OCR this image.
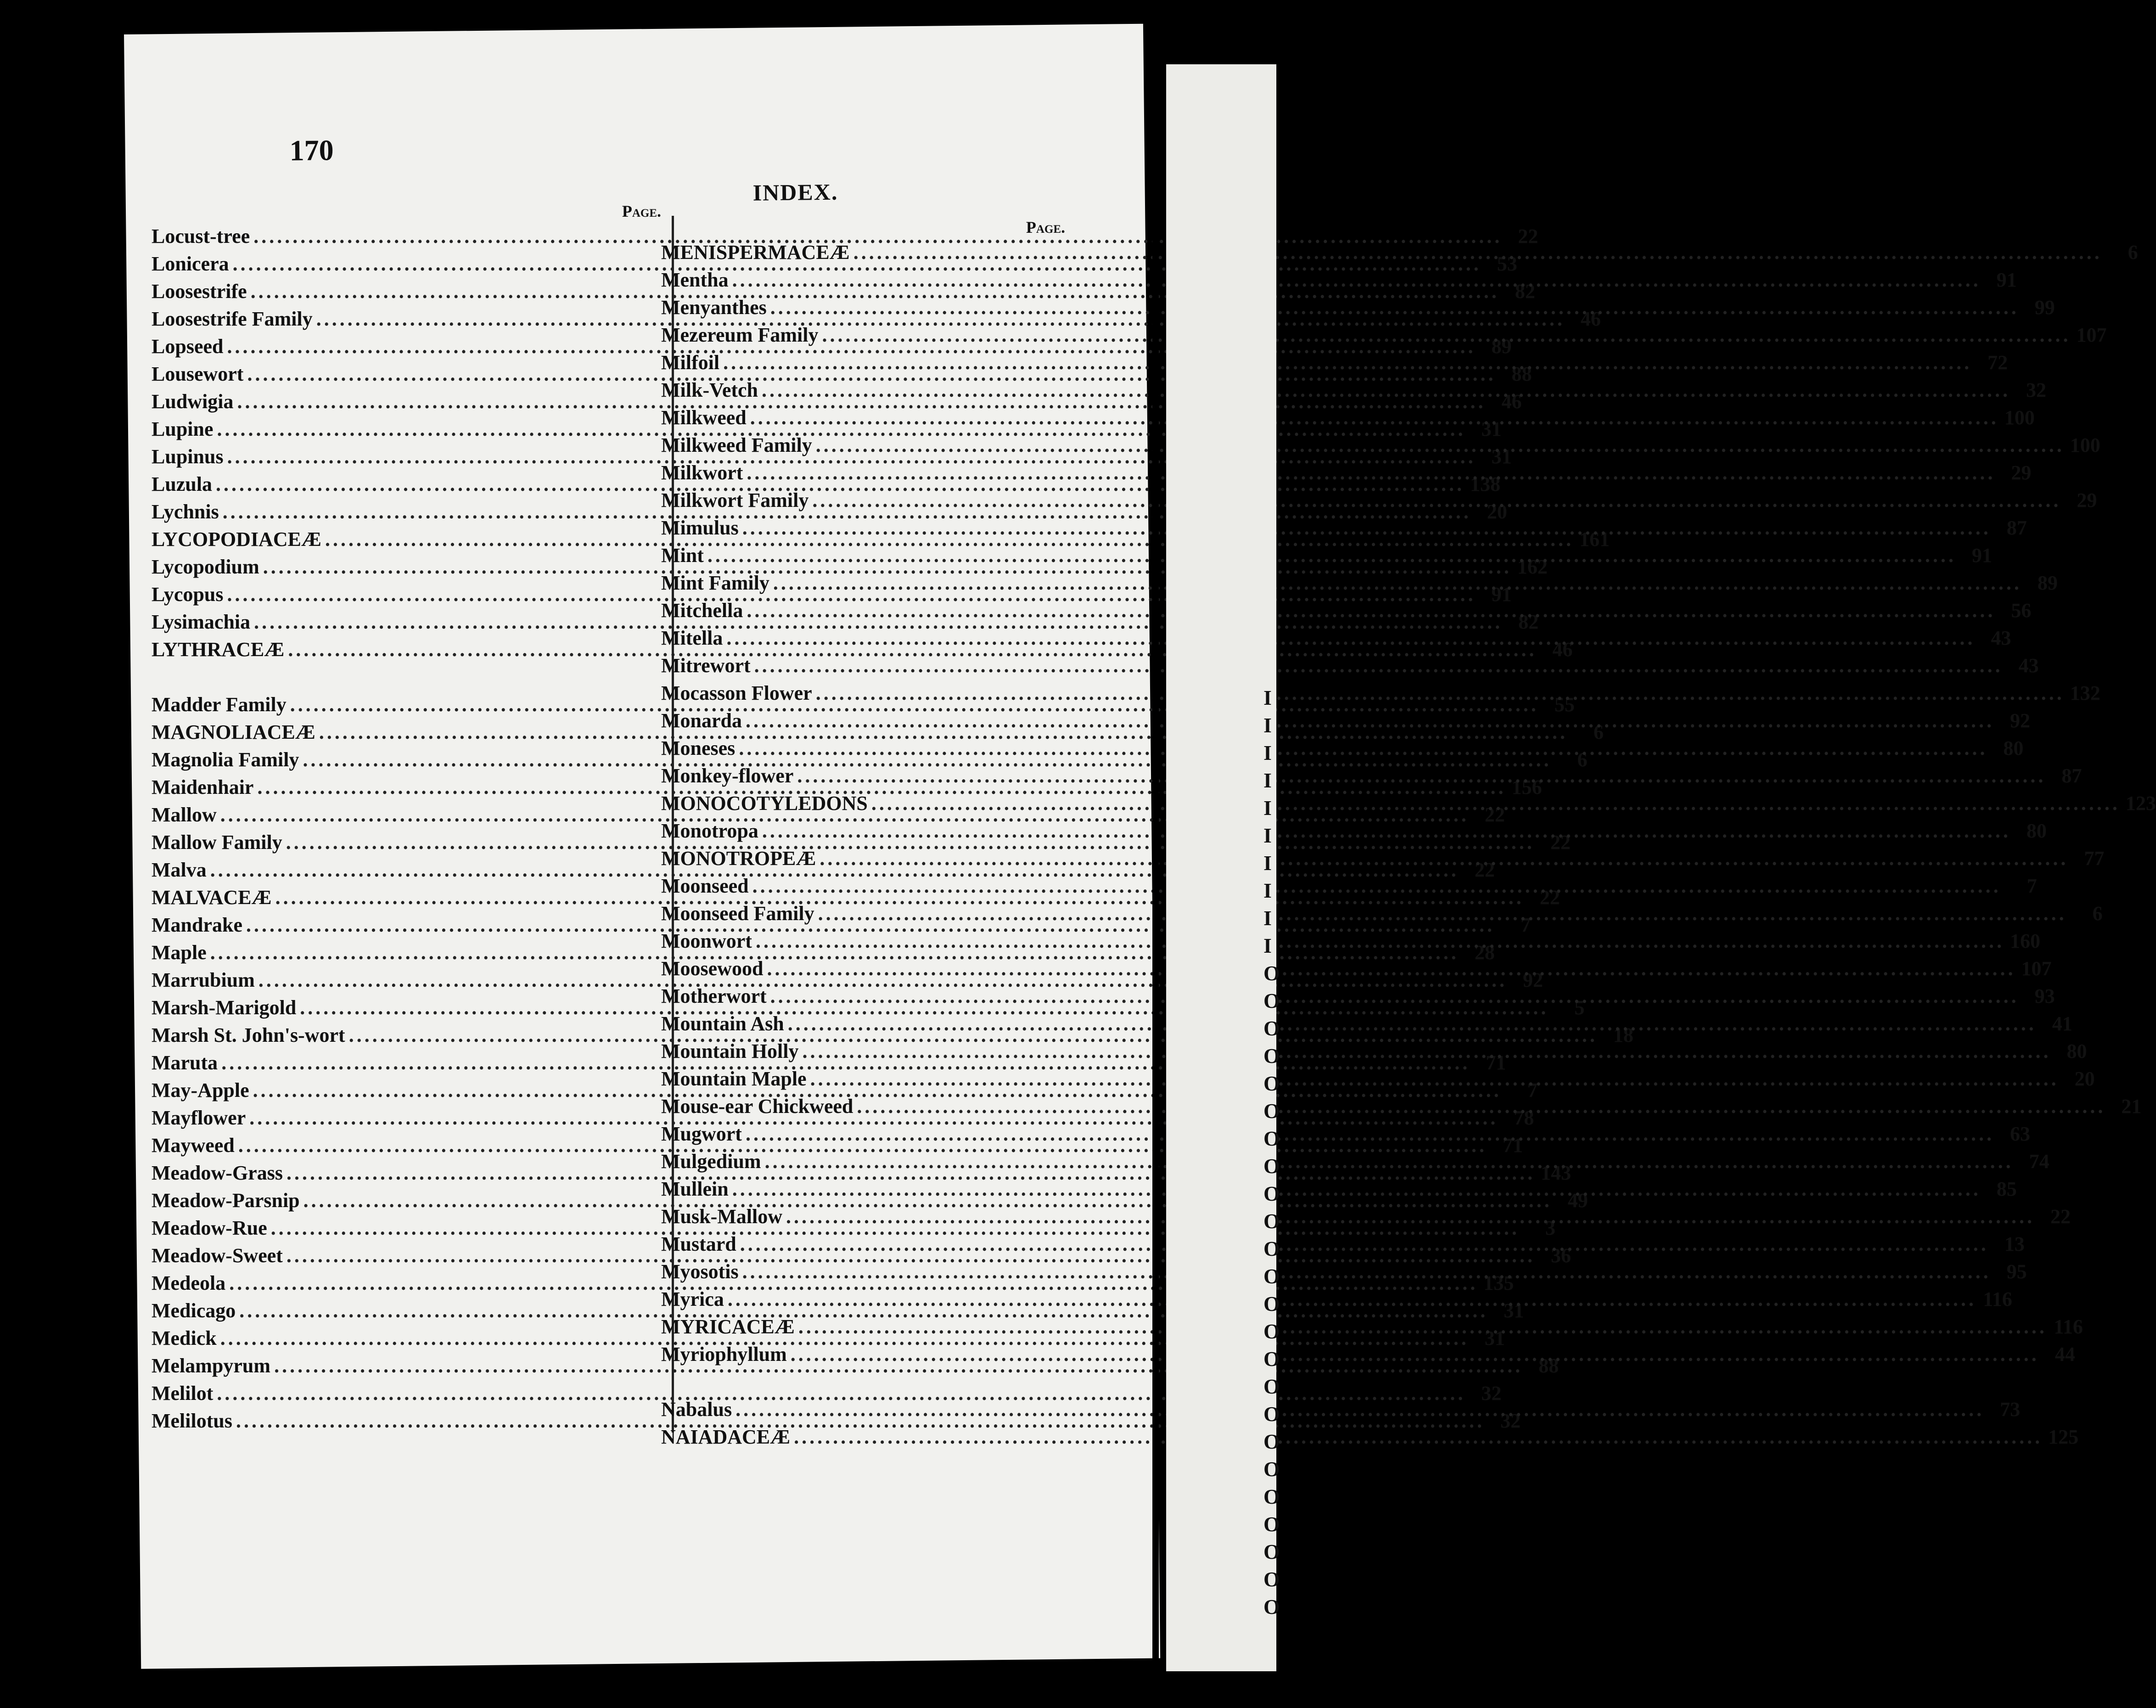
170
INDEX.
Page.
Locust-tree .....	22
Lonicera .....	53
Loosestrife .....	82
Loosestrife Family .....	46
Lopseed .....	89
Lousewort .....	88
Ludwigia .....	46
Lupine .....	31
Lupinus .....	31
Luzula .....	138
Lychnis .....	20
LYCOPODIACEÆ .....	161
Lycopodium .....	162
Lycopus .....	91
Lysimachia .....	82
LYTHRACEÆ .....	46
Madder Family .....	55
MAGNOLIACEÆ .....	6
Magnolia Family .....	6
Maidenhair .....	156
Mallow .....	22
Mallow Family .....	22
Malva .....	22
MALVACEÆ .....	22
Mandrake .....	7
Maple .....	28
Marrubium .....	92
Marsh-Marigold .....	5
Marsh St. John's-wort .....	18
Maruta .....	71
May-Apple .....	7
Mayflower .....	78
Mayweed .....	71
Meadow-Grass .....	143
Meadow-Parsnip .....	49
Meadow-Rue .....	3
Meadow-Sweet .....	36
Medeola .....	135
Medicago .....	31
Medick .....	31
Melampyrum .....	88
Melilot .....	32
Melilotus .....	32
Page.
MENISPERMACEÆ .....	6
Mentha .....	91
Menyanthes .....	99
Mezereum Family .....	107
Milfoil .....	72
Milk-Vetch .....	32
Milkweed .....	100
Milkweed Family .....	100
Milkwort .....	29
Milkwort Family .....	29
Mimulus .....	87
Mint .....	91
Mint Family .....	89
Mitchella .....	56
Mitella .....	43
Mitrewort .....	43
Mocasson Flower .....	132
Monarda .....	92
Moneses .....	80
Monkey-flower .....	87
MONOCOTYLEDONS .....	123
Monotropa .....	80
MONOTROPEÆ .....	77
Moonseed .....	7
Moonseed Family .....	6
Moonwort .....	160
Moosewood .....	107
Motherwort .....	93
Mountain Ash .....	41
Mountain Holly .....	80
Mountain Maple .....	20
Mouse-ear Chickweed .....	21
Mugwort .....	63
Mulgedium .....	74
Mullein .....	85
Musk-Mallow .....	22
Mustard .....	13
Myosotis .....	95
Myrica .....	116
MYRICACEÆ .....	116
Myriophyllum .....	44
Nabalus .....	73
NAIADACEÆ .....	125
I
I
I
I
I
I
I
I
I
I
O
O
O
O
O
O
O
O
O
O
O
O
O
O
O
O
O
O
O
O
O
O
O
O
